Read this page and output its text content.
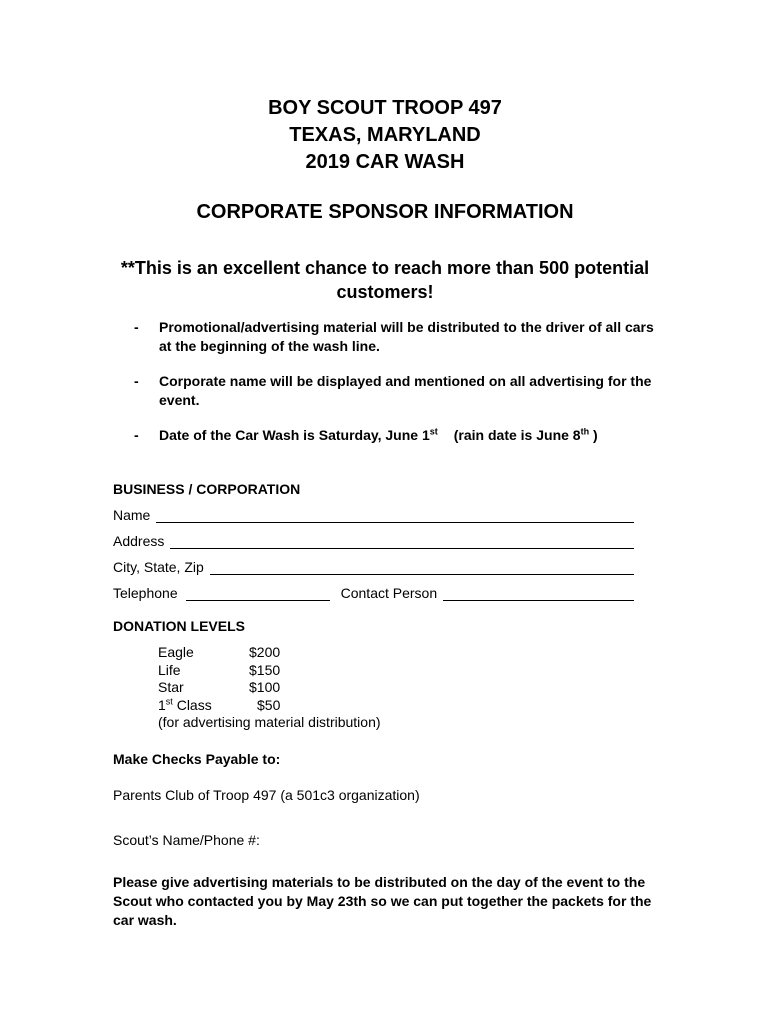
BOY SCOUT TROOP 497
TEXAS, MARYLAND
2019 CAR WASH
CORPORATE SPONSOR INFORMATION
**This is an excellent chance to reach more than 500 potential customers!
- Promotional/advertising material will be distributed to the driver of all cars at the beginning of the wash line.
- Corporate name will be displayed and mentioned on all advertising for the event.
- Date of the Car Wash is Saturday, June 1st (rain date is June 8th )
BUSINESS / CORPORATION
Name
Address
City, State, Zip
Telephone	Contact Person
DONATION LEVELS
Eagle	$200
Life	$150
Star	$100
1st Class	$50
(for advertising material distribution)
Make Checks Payable to:
Parents Club of Troop 497 (a 501c3 organization)
Scout’s Name/Phone #:
Please give advertising materials to be distributed on the day of the event to the Scout who contacted you by May 23th so we can put together the packets for the car wash.
